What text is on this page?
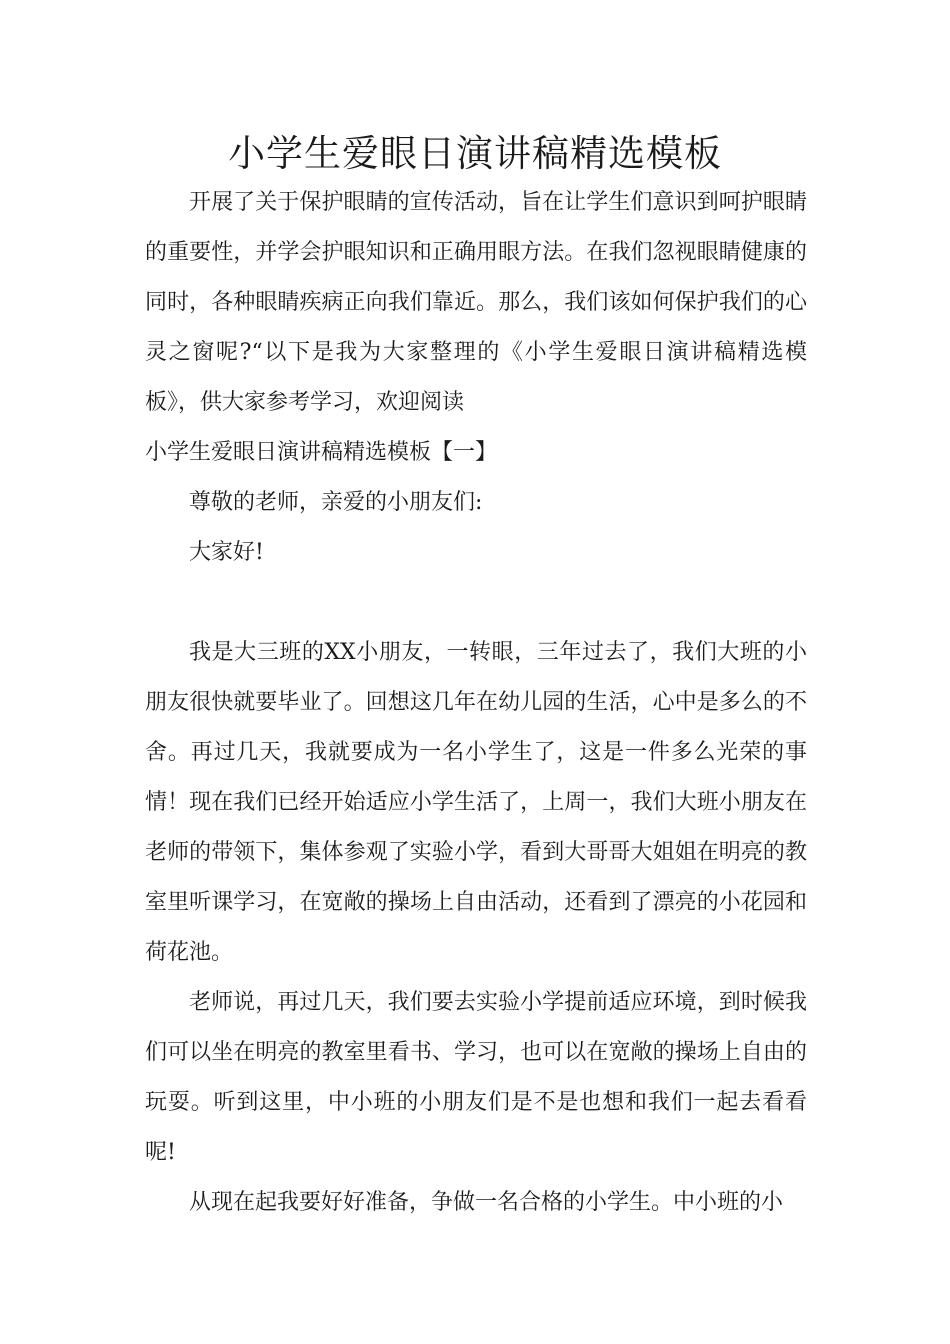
小学生爱眼日演讲稿精选模板

开展了关于保护眼睛的宣传活动，旨在让学生们意识到呵护眼睛的重要性，并学会护眼知识和正确用眼方法。在我们忽视眼睛健康的同时，各种眼睛疾病正向我们靠近。那么，我们该如何保护我们的心灵之窗呢?“以下是我为大家整理的《小学生爱眼日演讲稿精选模板》，供大家参考学习，欢迎阅读

小学生爱眼日演讲稿精选模板【一】

尊敬的老师，亲爱的小朋友们:

大家好!

我是大三班的XX小朋友，一转眼，三年过去了，我们大班的小朋友很快就要毕业了。回想这几年在幼儿园的生活，心中是多么的不舍。再过几天，我就要成为一名小学生了，这是一件多么光荣的事情！现在我们已经开始适应小学生活了，上周一，我们大班小朋友在老师的带领下，集体参观了实验小学，看到大哥哥大姐姐在明亮的教室里听课学习，在宽敞的操场上自由活动，还看到了漂亮的小花园和荷花池。

老师说，再过几天，我们要去实验小学提前适应环境，到时候我们可以坐在明亮的教室里看书、学习，也可以在宽敞的操场上自由的玩耍。听到这里，中小班的小朋友们是不是也想和我们一起去看看呢!

从现在起我要好好准备，争做一名合格的小学生。中小班的小
